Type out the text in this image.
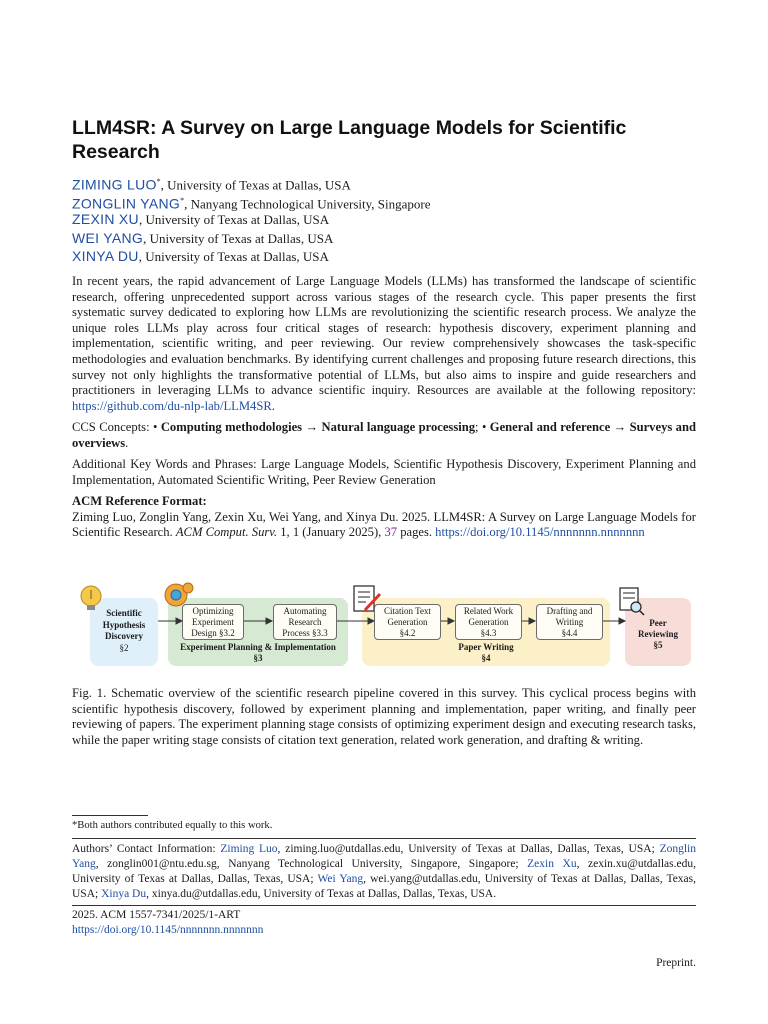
LLM4SR: A Survey on Large Language Models for Scientific Research
ZIMING LUO*, University of Texas at Dallas, USA
ZONGLIN YANG*, Nanyang Technological University, Singapore
ZEXIN XU, University of Texas at Dallas, USA
WEI YANG, University of Texas at Dallas, USA
XINYA DU, University of Texas at Dallas, USA
In recent years, the rapid advancement of Large Language Models (LLMs) has transformed the landscape of scientific research, offering unprecedented support across various stages of the research cycle. This paper presents the first systematic survey dedicated to exploring how LLMs are revolutionizing the scientific research process. We analyze the unique roles LLMs play across four critical stages of research: hypothesis discovery, experiment planning and implementation, scientific writing, and peer reviewing. Our review comprehensively showcases the task-specific methodologies and evaluation benchmarks. By identifying current challenges and proposing future research directions, this survey not only highlights the transformative potential of LLMs, but also aims to inspire and guide researchers and practitioners in leveraging LLMs to advance scientific inquiry. Resources are available at the following repository: https://github.com/du-nlp-lab/LLM4SR.
CCS Concepts: • Computing methodologies → Natural language processing; • General and reference → Surveys and overviews.
Additional Key Words and Phrases: Large Language Models, Scientific Hypothesis Discovery, Experiment Planning and Implementation, Automated Scientific Writing, Peer Review Generation
ACM Reference Format:
Ziming Luo, Zonglin Yang, Zexin Xu, Wei Yang, and Xinya Du. 2025. LLM4SR: A Survey on Large Language Models for Scientific Research. ACM Comput. Surv. 1, 1 (January 2025), 37 pages. https://doi.org/10.1145/nnnnnnn.nnnnnnn
Scientific
Hypothesis
Discovery
§2
Optimizing
Experiment
Design §3.2
Automating
Research
Process §3.3
Experiment Planning & Implementation
§3
Citation Text
Generation
§4.2
Related Work
Generation
§4.3
Drafting and
Writing
§4.4
Paper Writing
§4
Peer
Reviewing
§5
Fig. 1. Schematic overview of the scientific research pipeline covered in this survey. This cyclical process begins with scientific hypothesis discovery, followed by experiment planning and implementation, paper writing, and finally peer reviewing of papers. The experiment planning stage consists of optimizing experiment design and executing research tasks, while the paper writing stage consists of citation text generation, related work generation, and drafting & writing.
*Both authors contributed equally to this work.
Authors’ Contact Information: Ziming Luo, ziming.luo@utdallas.edu, University of Texas at Dallas, Dallas, Texas, USA; Zonglin Yang, zonglin001@ntu.edu.sg, Nanyang Technological University, Singapore, Singapore; Zexin Xu, zexin.xu@utdallas.edu, University of Texas at Dallas, Dallas, Texas, USA; Wei Yang, wei.yang@utdallas.edu, University of Texas at Dallas, Dallas, Texas, USA; Xinya Du, xinya.du@utdallas.edu, University of Texas at Dallas, Dallas, Texas, USA.
2025. ACM 1557-7341/2025/1-ART
https://doi.org/10.1145/nnnnnnn.nnnnnnn
Preprint.
